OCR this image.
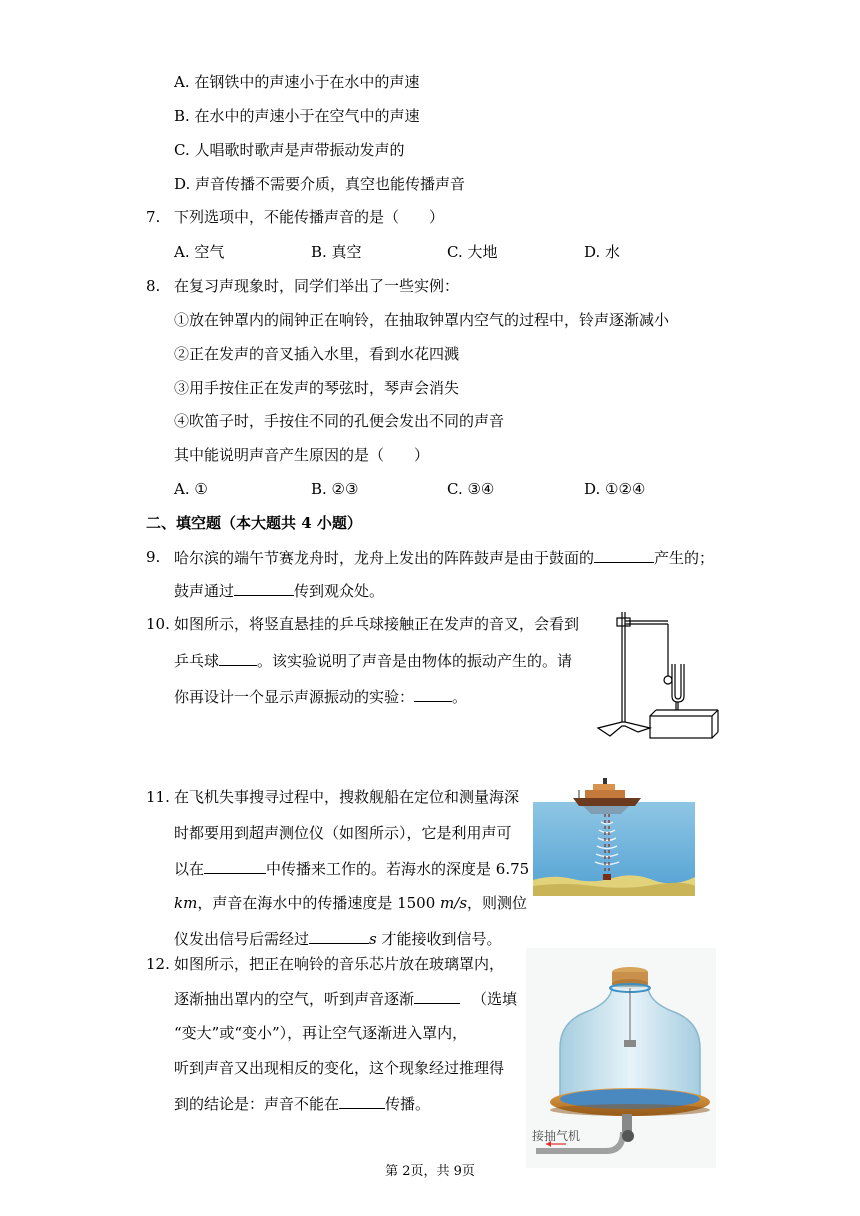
A. 在钢铁中的声速小于在水中的声速
B. 在水中的声速小于在空气中的声速
C. 人唱歌时歌声是声带振动发声的
D. 声音传播不需要介质，真空也能传播声音
7. 下列选项中，不能传播声音的是（　　）
A. 空气	B. 真空	C. 大地	D. 水
8. 在复习声现象时，同学们举出了一些实例：
①放在钟罩内的闹钟正在响铃，在抽取钟罩内空气的过程中，铃声逐渐减小
②正在发声的音叉插入水里，看到水花四溅
③用手按住正在发声的琴弦时，琴声会消失
④吹笛子时，手按住不同的孔便会发出不同的声音
其中能说明声音产生原因的是（　　）
A. ①	B. ②③	C. ③④	D. ①②④
二、填空题（本大题共 4 小题）
9. 哈尔滨的端午节赛龙舟时，龙舟上发出的阵阵鼓声是由于鼓面的	产生的；
鼓声通过	传到观众处。
10. 如图所示，将竖直悬挂的乒乓球接触正在发声的音叉，会看到
乒乓球	。该实验说明了声音是由物体的振动产生的。请
你再设计一个显示声源振动的实验：	。
11. 在飞机失事搜寻过程中，搜救舰船在定位和测量海深
时都要用到超声测位仪（如图所示），它是利用声可
以在	中传播来工作的。若海水的深度是 6.75
km，声音在海水中的传播速度是 1500 m/s，则测位
仪发出信号后需经过	s 才能接收到信号。
12. 如图所示，把正在响铃的音乐芯片放在玻璃罩内，
逐渐抽出罩内的空气，听到声音逐渐	（选填
“变大”或“变小”），再让空气逐渐进入罩内，
听到声音又出现相反的变化，这个现象经过推理得
到的结论是：声音不能在	传播。
接抽气机
第 2页，共 9页
